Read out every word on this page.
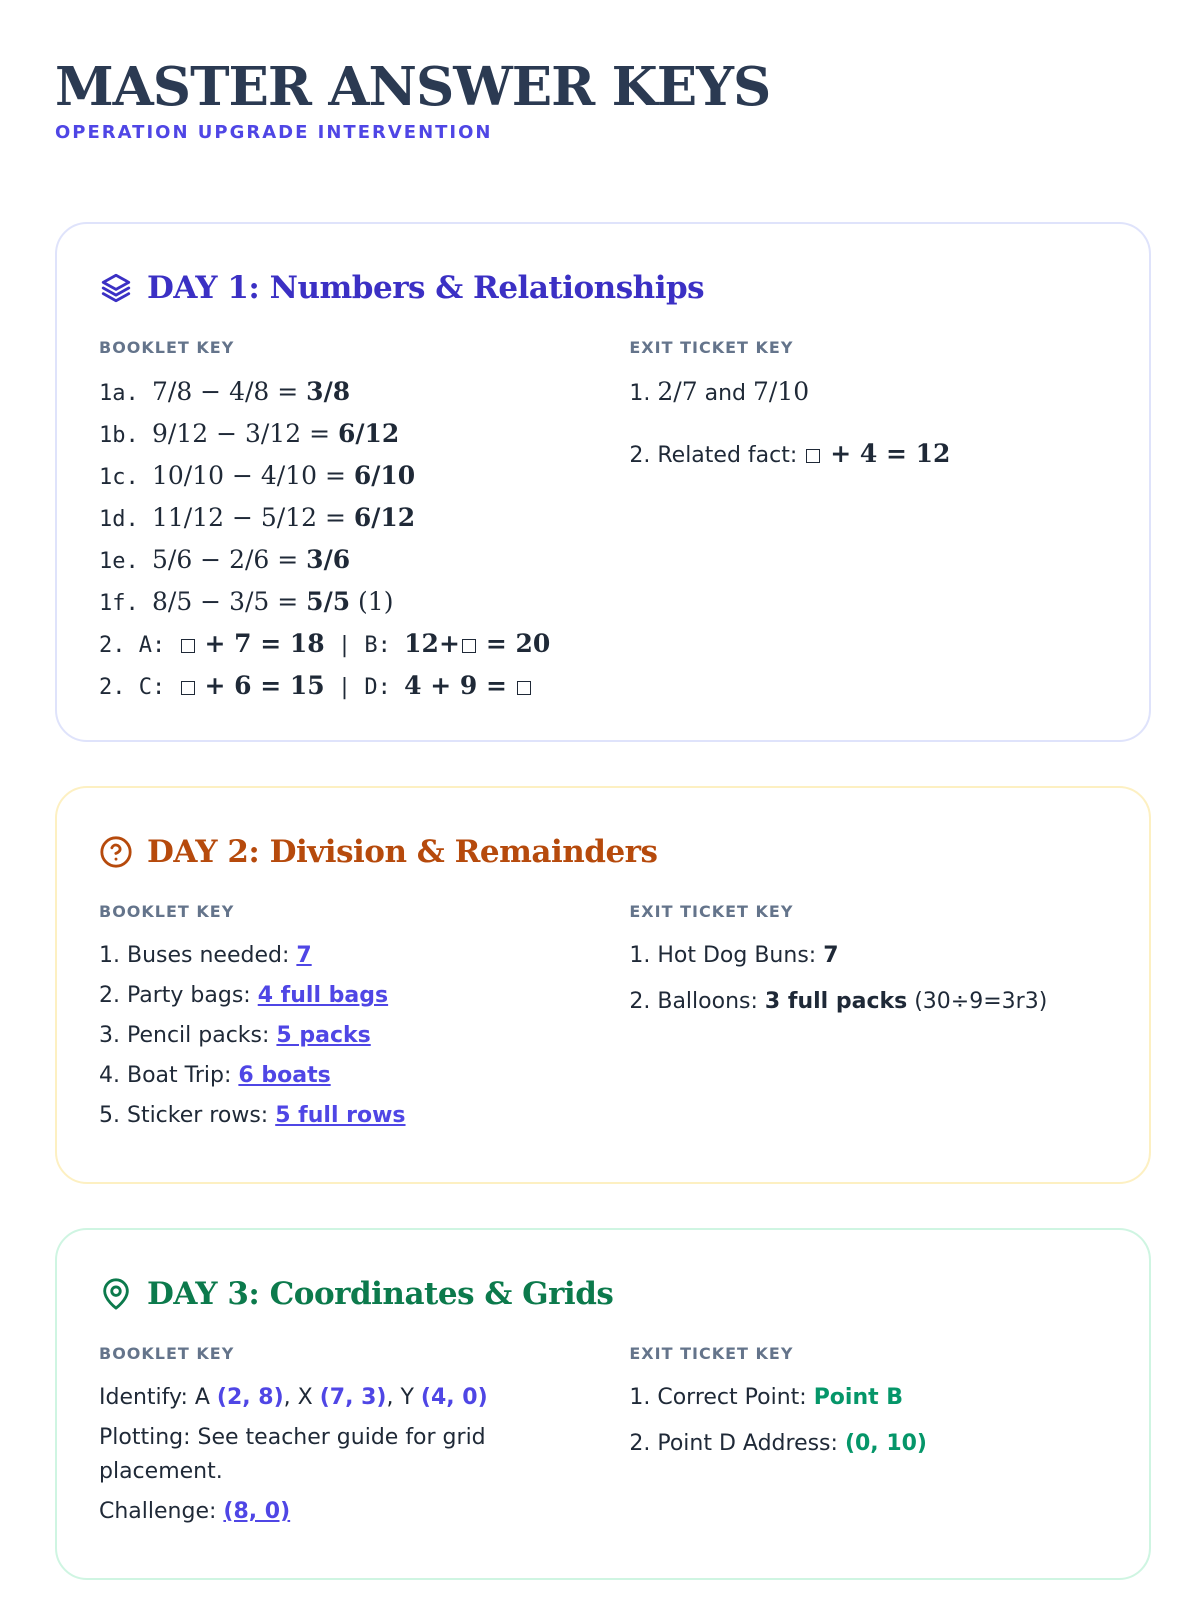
MASTER ANSWER KEYS
OPERATION UPGRADE INTERVENTION
DAY 1: Numbers & Relationships
BOOKLET KEY
1a. 7/8 − 4/8 = 3/8
1b. 9/12 − 3/12 = 6/12
1c. 10/10 − 4/10 = 6/10
1d. 11/12 − 5/12 = 6/12
1e. 5/6 − 2/6 = 3/6
1f. 8/5 − 3/5 = 5/5 (1)
2. A: + 7 = 18 | B: 12+ = 20
2. C: + 6 = 15 | D: 4 + 9 =
EXIT TICKET KEY
1. 2/7 and 7/10
2. Related fact: + 4 = 12
DAY 2: Division & Remainders
BOOKLET KEY
1. Buses needed: 7
2. Party bags: 4 full bags
3. Pencil packs: 5 packs
4. Boat Trip: 6 boats
5. Sticker rows: 5 full rows
EXIT TICKET KEY
1. Hot Dog Buns: 7
2. Balloons: 3 full packs (30÷9=3r3)
DAY 3: Coordinates & Grids
BOOKLET KEY
Identify: A (2, 8), X (7, 3), Y (4, 0)
Plotting: See teacher guide for grid placement.
Challenge: (8, 0)
EXIT TICKET KEY
1. Correct Point: Point B
2. Point D Address: (0, 10)
